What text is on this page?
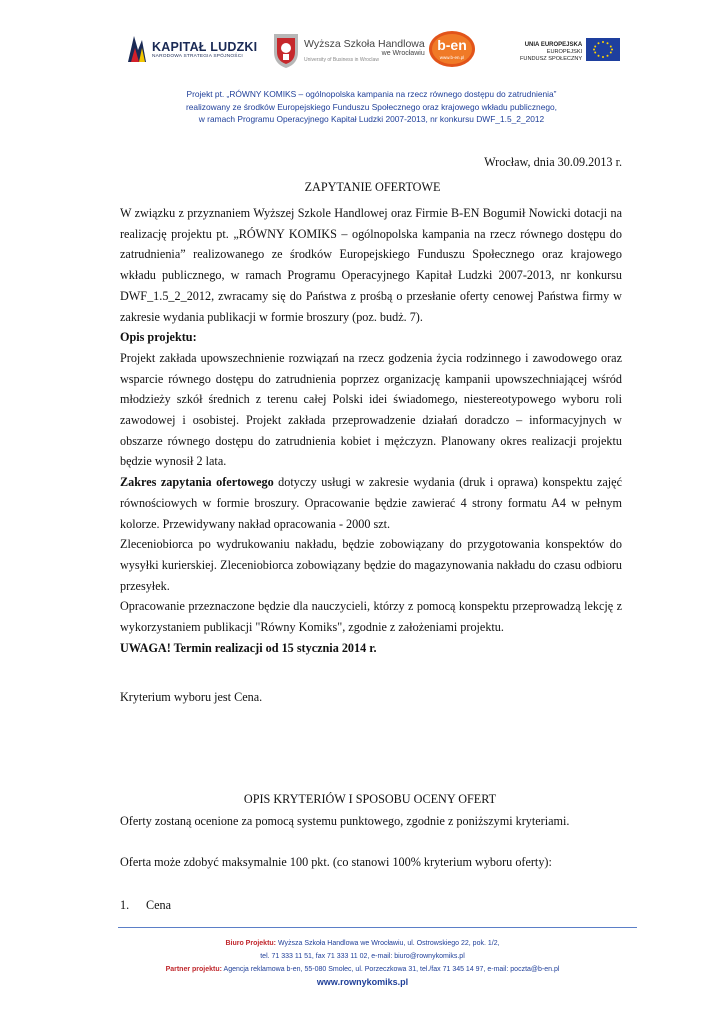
KAPITAŁ LUDZKI
NARODOWA STRATEGIA SPÓJNOŚCI
Wyższa Szkoła Handlowa
we Wrocławiu
University of Business in Wroclaw
b-en
www.b-en.pl
UNIA EUROPEJSKA
EUROPEJSKI
FUNDUSZ SPOŁECZNY
Projekt pt. „RÓWNY KOMIKS – ogólnopolska kampania na rzecz równego dostępu do zatrudnienia”
realizowany ze środków Europejskiego Funduszu Społecznego oraz krajowego wkładu publicznego,
w ramach Programu Operacyjnego Kapitał Ludzki 2007-2013, nr konkursu DWF_1.5_2_2012
Wrocław, dnia 30.09.2013 r.
ZAPYTANIE OFERTOWE

W związku z przyznaniem Wyższej Szkole Handlowej oraz Firmie B-EN Bogumił Nowicki dotacji na realizację projektu pt. „RÓWNY KOMIKS – ogólnopolska kampania na rzecz równego dostępu do zatrudnienia” realizowanego ze środków Europejskiego Funduszu Społecznego oraz krajowego wkładu publicznego, w ramach Programu Operacyjnego Kapitał Ludzki 2007-2013, nr konkursu DWF_1.5_2_2012, zwracamy się do Państwa z prośbą o przesłanie oferty cenowej Państwa firmy w zakresie wydania publikacji w formie broszury (poz. budż. 7).

Opis projektu:

Projekt zakłada upowszechnienie rozwiązań na rzecz godzenia życia rodzinnego i zawodowego oraz wsparcie równego dostępu do zatrudnienia poprzez organizację kampanii upowszechniającej wśród młodzieży szkół średnich z terenu całej Polski idei świadomego, niestereotypowego wyboru roli zawodowej i osobistej. Projekt zakłada przeprowadzenie działań doradczo – informacyjnych w obszarze równego dostępu do zatrudnienia kobiet i mężczyzn. Planowany okres realizacji projektu będzie wynosił 2 lata.

Zakres zapytania ofertowego dotyczy usługi w zakresie wydania (druk i oprawa) konspektu zajęć równościowych w formie broszury. Opracowanie będzie zawierać 4 strony formatu A4 w pełnym kolorze. Przewidywany nakład opracowania - 2000 szt.

Zleceniobiorca po wydrukowaniu nakładu, będzie zobowiązany do przygotowania konspektów do wysyłki kurierskiej. Zleceniobiorca zobowiązany będzie do magazynowania nakładu do czasu odbioru przesyłek.

Opracowanie przeznaczone będzie dla nauczycieli, którzy z pomocą konspektu przeprowadzą lekcję z wykorzystaniem publikacji "Równy Komiks", zgodnie z założeniami projektu.

UWAGA! Termin realizacji od 15 stycznia 2014 r.

Kryterium wyboru jest Cena.
OPIS KRYTERIÓW I SPOSOBU OCENY OFERT
Oferty zostaną ocenione za pomocą systemu punktowego, zgodnie z poniższymi kryteriami.
Oferta może zdobyć maksymalnie 100 pkt. (co stanowi 100% kryterium wyboru oferty):
1. Cena
Biuro Projektu: Wyższa Szkoła Handlowa we Wrocławiu, ul. Ostrowskiego 22, pok. 1/2,
tel. 71 333 11 51, fax 71 333 11 02, e-mail: biuro@rownykomiks.pl
Partner projektu: Agencja reklamowa b-en, 55-080 Smolec, ul. Porzeczkowa 31, tel./fax 71 345 14 97, e-mail: poczta@b-en.pl
www.rownykomiks.pl
